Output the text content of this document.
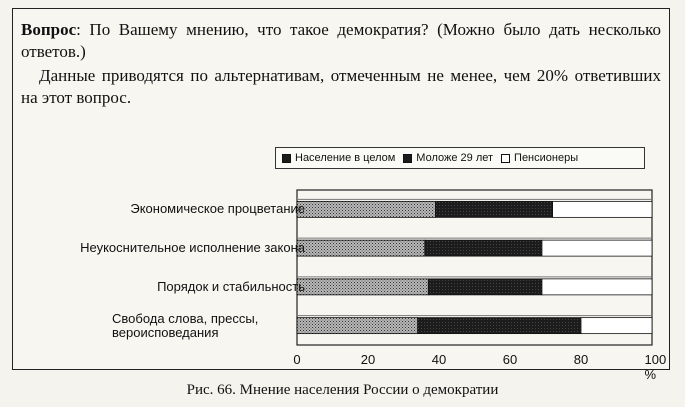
Вопрос: По Вашему мнению, что такое демократия? (Можно было дать несколько ответов.)
Данные приводятся по альтернативам, отмеченным не менее, чем 20% ответивших на этот вопрос.
Население в целом Моложе 29 лет Пенсионеры
Экономическое процветание
Неукоснительное исполнение закона
Порядок и стабильность
Свобода слова, прессы, вероисповедания
0	20	40	60	80	100 %
Рис. 66. Мнение населения России о демократии
